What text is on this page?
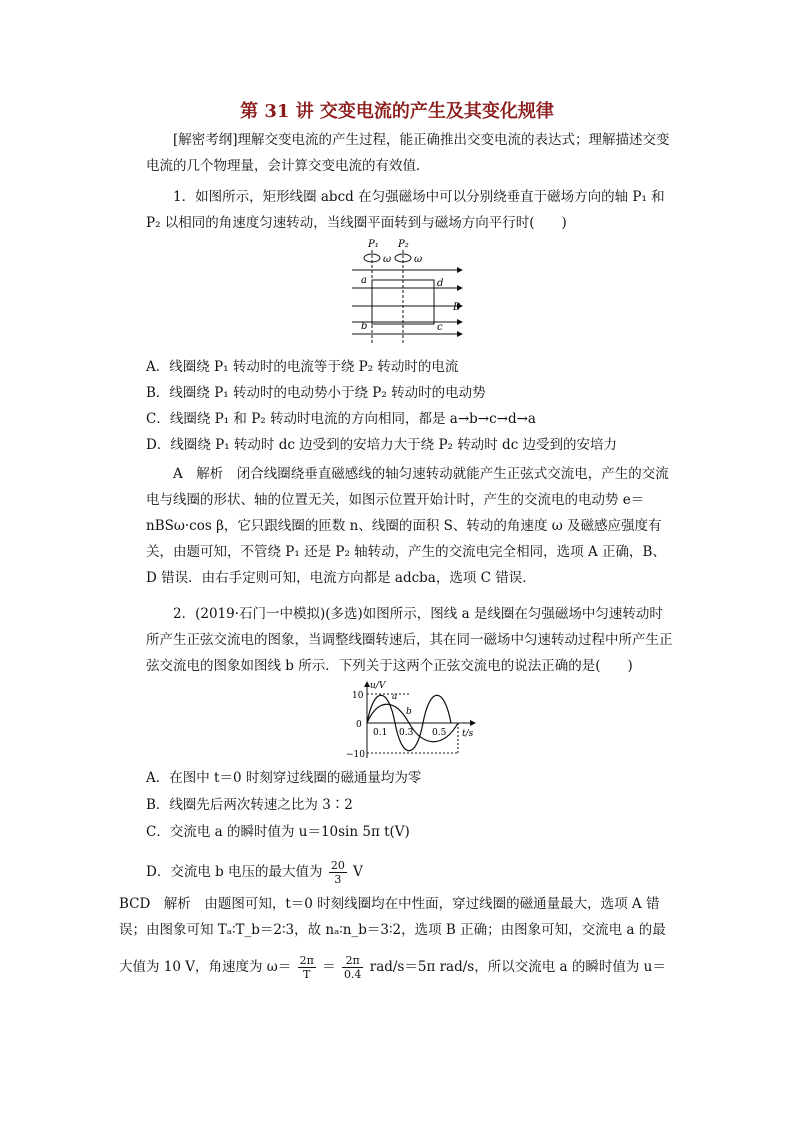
第 31 讲 交变电流的产生及其变化规律
[解密考纲]理解交变电流的产生过程，能正确推出交变电流的表达式；理解描述交变电流的几个物理量，会计算交变电流的有效值．
1．如图所示，矩形线圈 abcd 在匀强磁场中可以分别绕垂直于磁场方向的轴 P₁ 和 P₂ 以相同的角速度匀速转动，当线圈平面转到与磁场方向平行时(　　)
P₁ P₂
ω ω
a	d
b	c
B
A．线圈绕 P₁ 转动时的电流等于绕 P₂ 转动时的电流
B．线圈绕 P₁ 转动时的电动势小于绕 P₂ 转动时的电动势
C．线圈绕 P₁ 和 P₂ 转动时电流的方向相同，都是 a→b→c→d→a
D．线圈绕 P₁ 转动时 dc 边受到的安培力大于绕 P₂ 转动时 dc 边受到的安培力
A　解析　闭合线圈绕垂直磁感线的轴匀速转动就能产生正弦式交流电，产生的交流电与线圈的形状、轴的位置无关，如图示位置开始计时，产生的交流电的电动势 e＝nBSω·cos β，它只跟线圈的匝数 n、线圈的面积 S、转动的角速度 ω 及磁感应强度有关，由题可知，不管绕 P₁ 还是 P₂ 轴转动，产生的交流电完全相同，选项 A 正确，B、D 错误．由右手定则可知，电流方向都是 adcba，选项 C 错误．
2．(2019·石门一中模拟)(多选)如图所示，图线 a 是线圈在匀强磁场中匀速转动时所产生正弦交流电的图象，当调整线圈转速后，其在同一磁场中匀速转动过程中所产生正弦交流电的图象如图线 b 所示．下列关于这两个正弦交流电的说法正确的是(　　)
u/V
t/s
10
0
−10
0.1 0.3 0.5
a
b
A．在图中 t＝0 时刻穿过线圈的磁通量均为零
B．线圈先后两次转速之比为 3∶2
C．交流电 a 的瞬时值为 u＝10sin 5π t(V)
D．交流电 b 电压的最大值为 $\frac{20}{3}$ V
BCD　解析　由题图可知，t＝0 时刻线圈均在中性面，穿过线圈的磁通量最大，选项 A 错误；由图象可知 Tₐ∶T_b＝2∶3，故 nₐ∶n_b＝3∶2，选项 B 正确；由图象可知，交流电 a 的最
大值为 10 V，角速度为 $\omega= \frac{2\pi}{T} = \frac{2\pi}{0.4} rad/s=5\pi$ rad/s，所以交流电 a 的瞬时值为 u＝
